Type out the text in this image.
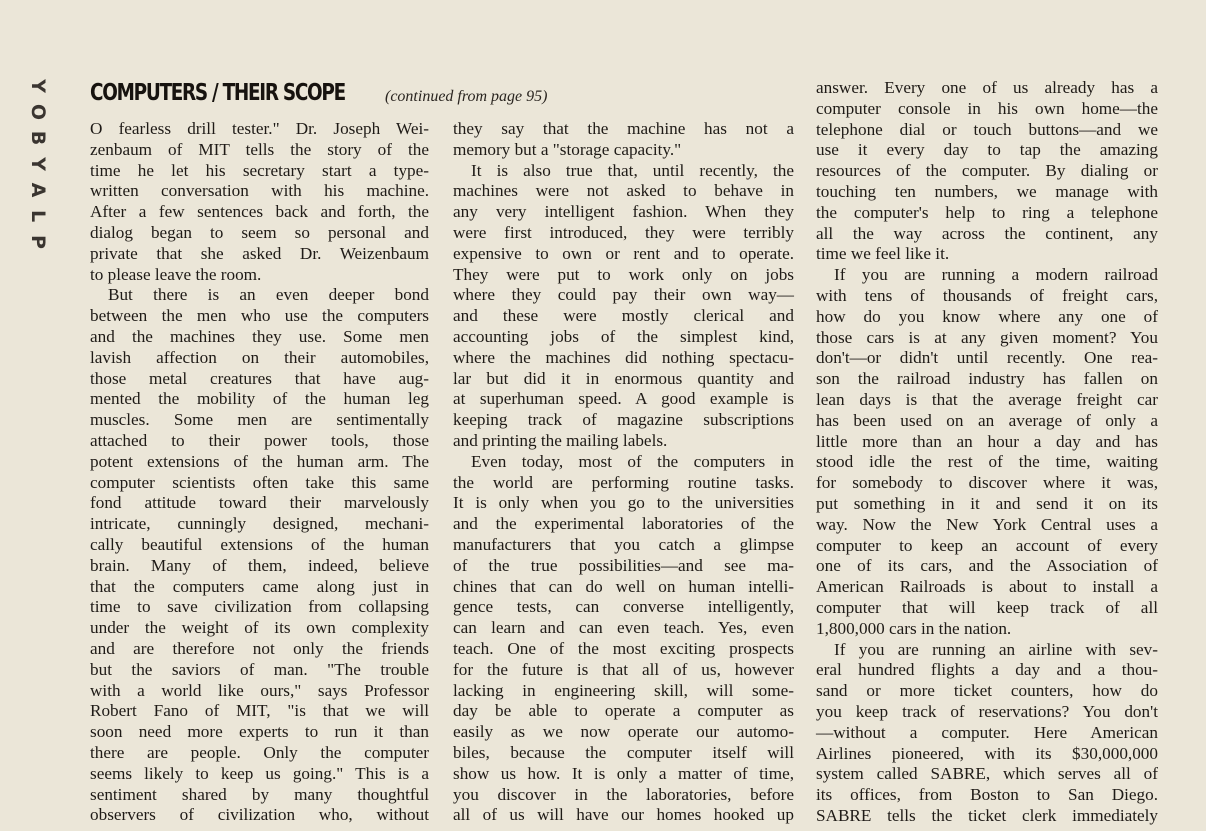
P
L
A
Y
B
O
Y COMPUTERS / THEIR SCOPE	(continued from page 95)
O fearless drill tester." Dr. Joseph Wei-
zenbaum of MIT tells the story of the
time he let his secretary start a type-
written conversation with his machine.
After a few sentences back and forth, the
dialog began to seem so personal and
private that she asked Dr. Weizenbaum
to please leave the room.
But there is an even deeper bond
between the men who use the computers
and the machines they use. Some men
lavish affection on their automobiles,
those metal creatures that have aug-
mented the mobility of the human leg
muscles. Some men are sentimentally
attached to their power tools, those
potent extensions of the human arm. The
computer scientists often take this same
fond attitude toward their marvelously
intricate, cunningly designed, mechani-
cally beautiful extensions of the human
brain. Many of them, indeed, believe
that the computers came along just in
time to save civilization from collapsing
under the weight of its own complexity
and are therefore not only the friends
but the saviors of man. "The trouble
with a world like ours," says Professor
Robert Fano of MIT, "is that we will
soon need more experts to run it than
there are people. Only the computer
seems likely to keep us going." This is a
sentiment shared by many thoughtful
observers of civilization who, without
they say that the machine has not a
memory but a "storage capacity."
It is also true that, until recently, the
machines were not asked to behave in
any very intelligent fashion. When they
were first introduced, they were terribly
expensive to own or rent and to operate.
They were put to work only on jobs
where they could pay their own way—
and these were mostly clerical and
accounting jobs of the simplest kind,
where the machines did nothing spectacu-
lar but did it in enormous quantity and
at superhuman speed. A good example is
keeping track of magazine subscriptions
and printing the mailing labels.
Even today, most of the computers in
the world are performing routine tasks.
It is only when you go to the universities
and the experimental laboratories of the
manufacturers that you catch a glimpse
of the true possibilities—and see ma-
chines that can do well on human intelli-
gence tests, can converse intelligently,
can learn and can even teach. Yes, even
teach. One of the most exciting prospects
for the future is that all of us, however
lacking in engineering skill, will some-
day be able to operate a computer as
easily as we now operate our automo-
biles, because the computer itself will
show us how. It is only a matter of time,
you discover in the laboratories, before
all of us will have our homes hooked up
answer. Every one of us already has a
computer console in his own home—the
telephone dial or touch buttons—and we
use it every day to tap the amazing
resources of the computer. By dialing or
touching ten numbers, we manage with
the computer's help to ring a telephone
all the way across the continent, any
time we feel like it.
If you are running a modern railroad
with tens of thousands of freight cars,
how do you know where any one of
those cars is at any given moment? You
don't—or didn't until recently. One rea-
son the railroad industry has fallen on
lean days is that the average freight car
has been used on an average of only a
little more than an hour a day and has
stood idle the rest of the time, waiting
for somebody to discover where it was,
put something in it and send it on its
way. Now the New York Central uses a
computer to keep an account of every
one of its cars, and the Association of
American Railroads is about to install a
computer that will keep track of all
1,800,000 cars in the nation.
If you are running an airline with sev-
eral hundred flights a day and a thou-
sand or more ticket counters, how do
you keep track of reservations? You don't
—without a computer. Here American
Airlines pioneered, with its $30,000,000
system called SABRE, which serves all of
its offices, from Boston to San Diego.
SABRE tells the ticket clerk immediately
